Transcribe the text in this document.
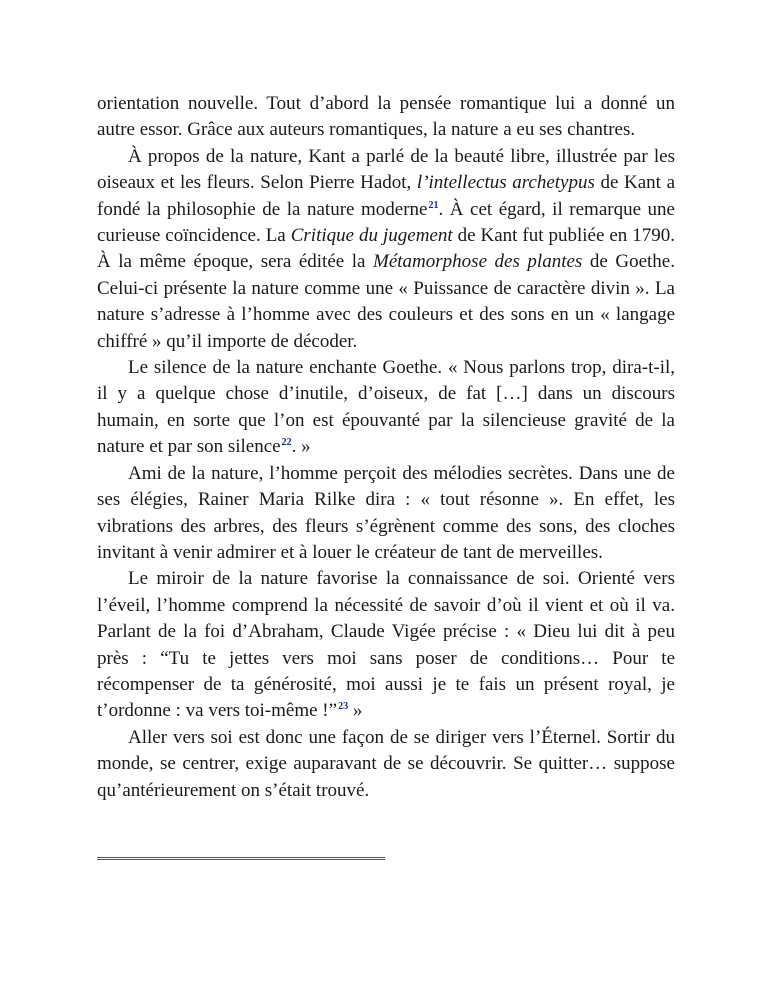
orientation nouvelle. Tout d’abord la pensée romantique lui a donné un autre essor. Grâce aux auteurs romantiques, la nature a eu ses chantres.

À propos de la nature, Kant a parlé de la beauté libre, illustrée par les oiseaux et les fleurs. Selon Pierre Hadot, l’intellectus archetypus de Kant a fondé la philosophie de la nature moderne$^{21}$. À cet égard, il remarque une curieuse coïncidence. La Critique du jugement de Kant fut publiée en 1790. À la même époque, sera éditée la Métamorphose des plantes de Goethe. Celui-ci présente la nature comme une « Puissance de caractère divin ». La nature s’adresse à l’homme avec des couleurs et des sons en un « langage chiffré » qu’il importe de décoder.

Le silence de la nature enchante Goethe. « Nous parlons trop, dira-t-il, il y a quelque chose d’inutile, d’oiseux, de fat […] dans un discours humain, en sorte que l’on est épouvanté par la silencieuse gravité de la nature et par son silence$^{22}$. »

Ami de la nature, l’homme perçoit des mélodies secrètes. Dans une de ses élégies, Rainer Maria Rilke dira : « tout résonne ». En effet, les vibrations des arbres, des fleurs s’égrènent comme des sons, des cloches invitant à venir admirer et à louer le créateur de tant de merveilles.

Le miroir de la nature favorise la connaissance de soi. Orienté vers l’éveil, l’homme comprend la nécessité de savoir d’où il vient et où il va. Parlant de la foi d’Abraham, Claude Vigée précise : « Dieu lui dit à peu près : “Tu te jettes vers moi sans poser de conditions… Pour te récompenser de ta générosité, moi aussi je te fais un présent royal, je t’ordonne : va vers toi-même !”$^{23}$ »

Aller vers soi est donc une façon de se diriger vers l’Éternel. Sortir du monde, se centrer, exige auparavant de se découvrir. Se quitter… suppose qu’antérieurement on s’était trouvé.
